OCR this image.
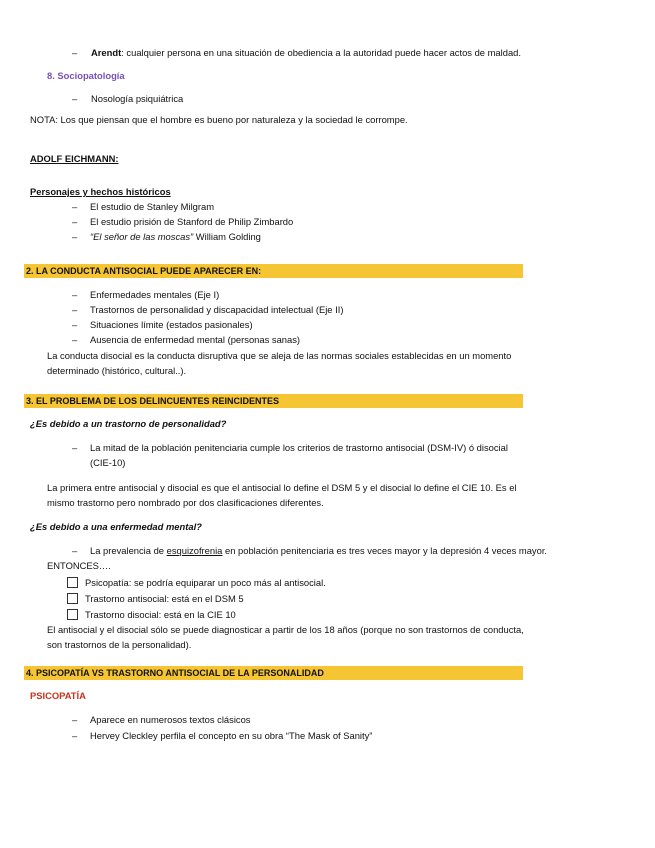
– Arendt: cualquier persona en una situación de obediencia a la autoridad puede hacer actos de maldad.
8. Sociopatología
– Nosología psiquiátrica
NOTA: Los que piensan que el hombre es bueno por naturaleza y la sociedad le corrompe.
ADOLF EICHMANN:
Personajes y hechos históricos
– El estudio de Stanley Milgram
– El estudio prisión de Stanford de Philip Zimbardo
– “El señor de las moscas” William Golding
2. LA CONDUCTA ANTISOCIAL PUEDE APARECER EN:
– Enfermedades mentales (Eje I)
– Trastornos de personalidad y discapacidad intelectual (Eje II)
– Situaciones límite (estados pasionales)
– Ausencia de enfermedad mental (personas sanas)
La conducta disocial es la conducta disruptiva que se aleja de las normas sociales establecidas en un momento
determinado (histórico, cultural..).
3. EL PROBLEMA DE LOS DELINCUENTES REINCIDENTES
¿Es debido a un trastorno de personalidad?
– La mitad de la población penitenciaria cumple los criterios de trastorno antisocial (DSM-IV) ó disocial
(CIE-10)
La primera entre antisocial y disocial es que el antisocial lo define el DSM 5 y el disocial lo define el CIE 10. Es el
mismo trastorno pero nombrado por dos clasificaciones diferentes.
¿Es debido a una enfermedad mental?
– La prevalencia de esquizofrenia en población penitenciaria es tres veces mayor y la depresión 4 veces mayor.
ENTONCES….
Psicopatía: se podría equiparar un poco más al antisocial.
Trastorno antisocial: está en el DSM 5
Trastorno disocial: está en la CIE 10
El antisocial y el disocial sólo se puede diagnosticar a partir de los 18 años (porque no son trastornos de conducta,
son trastornos de la personalidad).
4. PSICOPATÍA VS TRASTORNO ANTISOCIAL DE LA PERSONALIDAD
PSICOPATÍA
– Aparece en numerosos textos clásicos
– Hervey Cleckley perfila el concepto en su obra “The Mask of Sanity”
